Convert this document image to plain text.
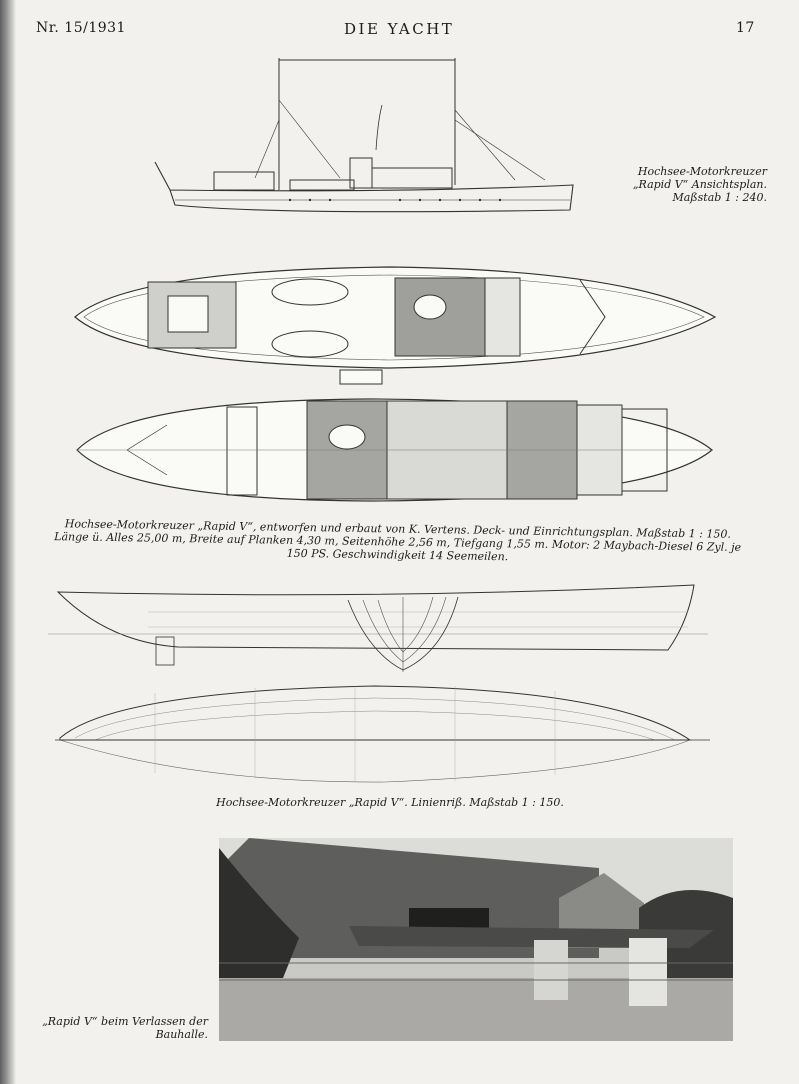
Nr. 15/1931	DIE YACHT	17
Hochsee-Motorkreuzer „Rapid V“ Ansichtsplan. Maßstab 1 : 240.
Hochsee-Motorkreuzer „Rapid V“, entworfen und erbaut von K. Vertens. Deck- und Einrichtungsplan. Maßstab 1 : 150. Länge ü. Alles 25,00 m, Breite auf Planken 4,30 m, Seitenhöhe 2,56 m, Tiefgang 1,55 m. Motor: 2 Maybach-Diesel 6 Zyl. je 150 PS. Geschwindigkeit 14 Seemeilen.
Hochsee-Motorkreuzer „Rapid V“. Linienriß. Maßstab 1 : 150.
„Rapid V“ beim Verlassen der Bauhalle.
